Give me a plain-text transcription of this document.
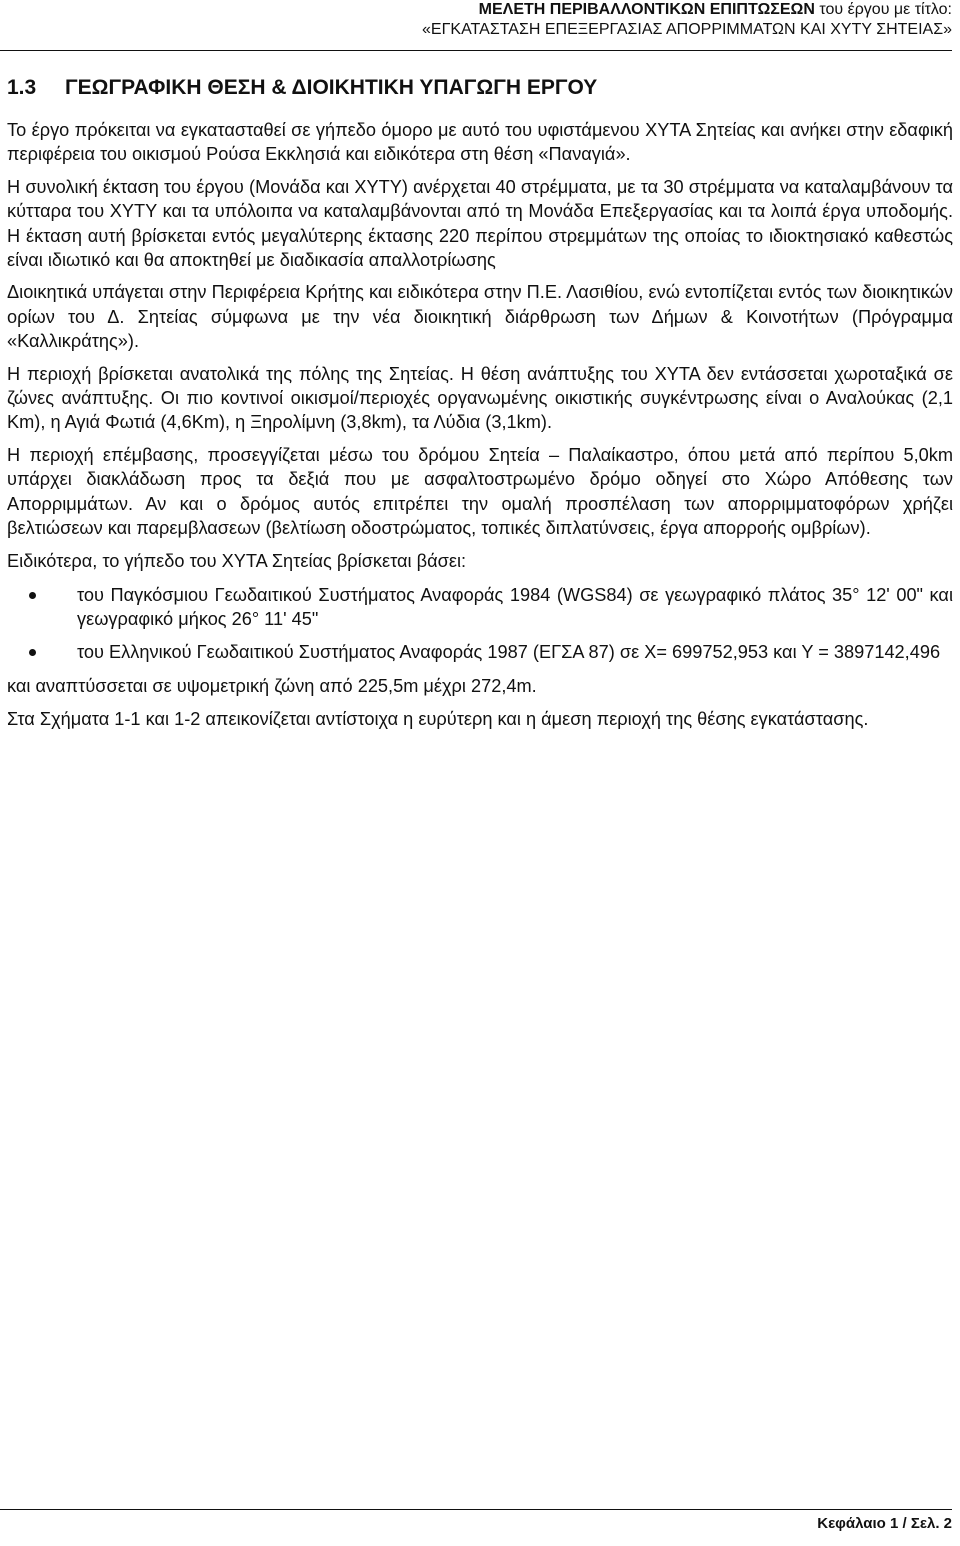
ΜΕΛΕΤΗ ΠΕΡΙΒΑΛΛΟΝΤΙΚΩΝ ΕΠΙΠΤΩΣΕΩΝ του έργου με τίτλο:
«ΕΓΚΑΤΑΣΤΑΣΗ ΕΠΕΞΕΡΓΑΣΙΑΣ ΑΠΟΡΡΙΜΜΑΤΩΝ ΚΑΙ ΧΥΤΥ ΣΗΤΕΙΑΣ»
1.3 ΓΕΩΓΡΑΦΙΚΗ ΘΕΣΗ & ΔΙΟΙΚΗΤΙΚΗ ΥΠΑΓΩΓΗ ΕΡΓΟΥ

Το έργο πρόκειται να εγκατασταθεί σε γήπεδο όμορο με αυτό του υφιστάμενου ΧΥΤΑ Σητείας και ανήκει στην εδαφική περιφέρεια του οικισμού Ρούσα Εκκλησιά και ειδικότερα στη θέση «Παναγιά».

Η συνολική έκταση του έργου (Μονάδα και ΧΥΤΥ) ανέρχεται 40 στρέμματα, με τα 30 στρέμματα να καταλαμβάνουν τα κύτταρα του ΧΥΤΥ και τα υπόλοιπα να καταλαμβάνονται από τη Μονάδα Επεξεργασίας και τα λοιπά έργα υποδομής. Η έκταση αυτή βρίσκεται εντός μεγαλύτερης έκτασης 220 περίπου στρεμμάτων της οποίας το ιδιοκτησιακό καθεστώς είναι ιδιωτικό και θα αποκτηθεί με διαδικασία απαλλοτρίωσης

Διοικητικά υπάγεται στην Περιφέρεια Κρήτης και ειδικότερα στην Π.Ε. Λασιθίου, ενώ εντοπίζεται εντός των διοικητικών ορίων του Δ. Σητείας σύμφωνα με την νέα διοικητική διάρθρωση των Δήμων & Κοινοτήτων (Πρόγραμμα «Καλλικράτης»).

Η περιοχή βρίσκεται ανατολικά της πόλης της Σητείας. Η θέση ανάπτυξης του ΧΥΤΑ δεν εντάσσεται χωροταξικά σε ζώνες ανάπτυξης. Οι πιο κοντινοί οικισμοί/περιοχές οργανωμένης οικιστικής συγκέντρωσης είναι ο Αναλούκας (2,1 Km), η Αγιά Φωτιά (4,6Km), η Ξηρολίμνη (3,8km), τα Λύδια (3,1km).

Η περιοχή επέμβασης, προσεγγίζεται μέσω του δρόμου Σητεία – Παλαίκαστρο, όπου μετά από περίπου 5,0km υπάρχει διακλάδωση προς τα δεξιά που με ασφαλτοστρωμένο δρόμο οδηγεί στο Χώρο Απόθεσης των Απορριμμάτων. Αν και ο δρόμος αυτός επιτρέπει την ομαλή προσπέλαση των απορριμματοφόρων χρήζει βελτιώσεων και παρεμβλασεων (βελτίωση οδοστρώματος, τοπικές διπλατύνσεις, έργα απορροής ομβρίων).

Ειδικότερα, το γήπεδο του ΧΥΤΑ Σητείας βρίσκεται βάσει:

του Παγκόσμιου Γεωδαιτικού Συστήματος Αναφοράς 1984 (WGS84) σε γεωγραφικό πλάτος 35° 12' 00" και γεωγραφικό μήκος 26° 11' 45"
του Ελληνικού Γεωδαιτικού Συστήματος Αναφοράς 1987 (ΕΓΣΑ 87) σε Χ= 699752,953 και Υ = 3897142,496

και αναπτύσσεται σε υψομετρική ζώνη από 225,5m μέχρι 272,4m.

Στα Σχήματα 1-1 και 1-2 απεικονίζεται αντίστοιχα η ευρύτερη και η άμεση περιοχή της θέσης εγκατάστασης.

Κεφάλαιο 1 / Σελ. 2
